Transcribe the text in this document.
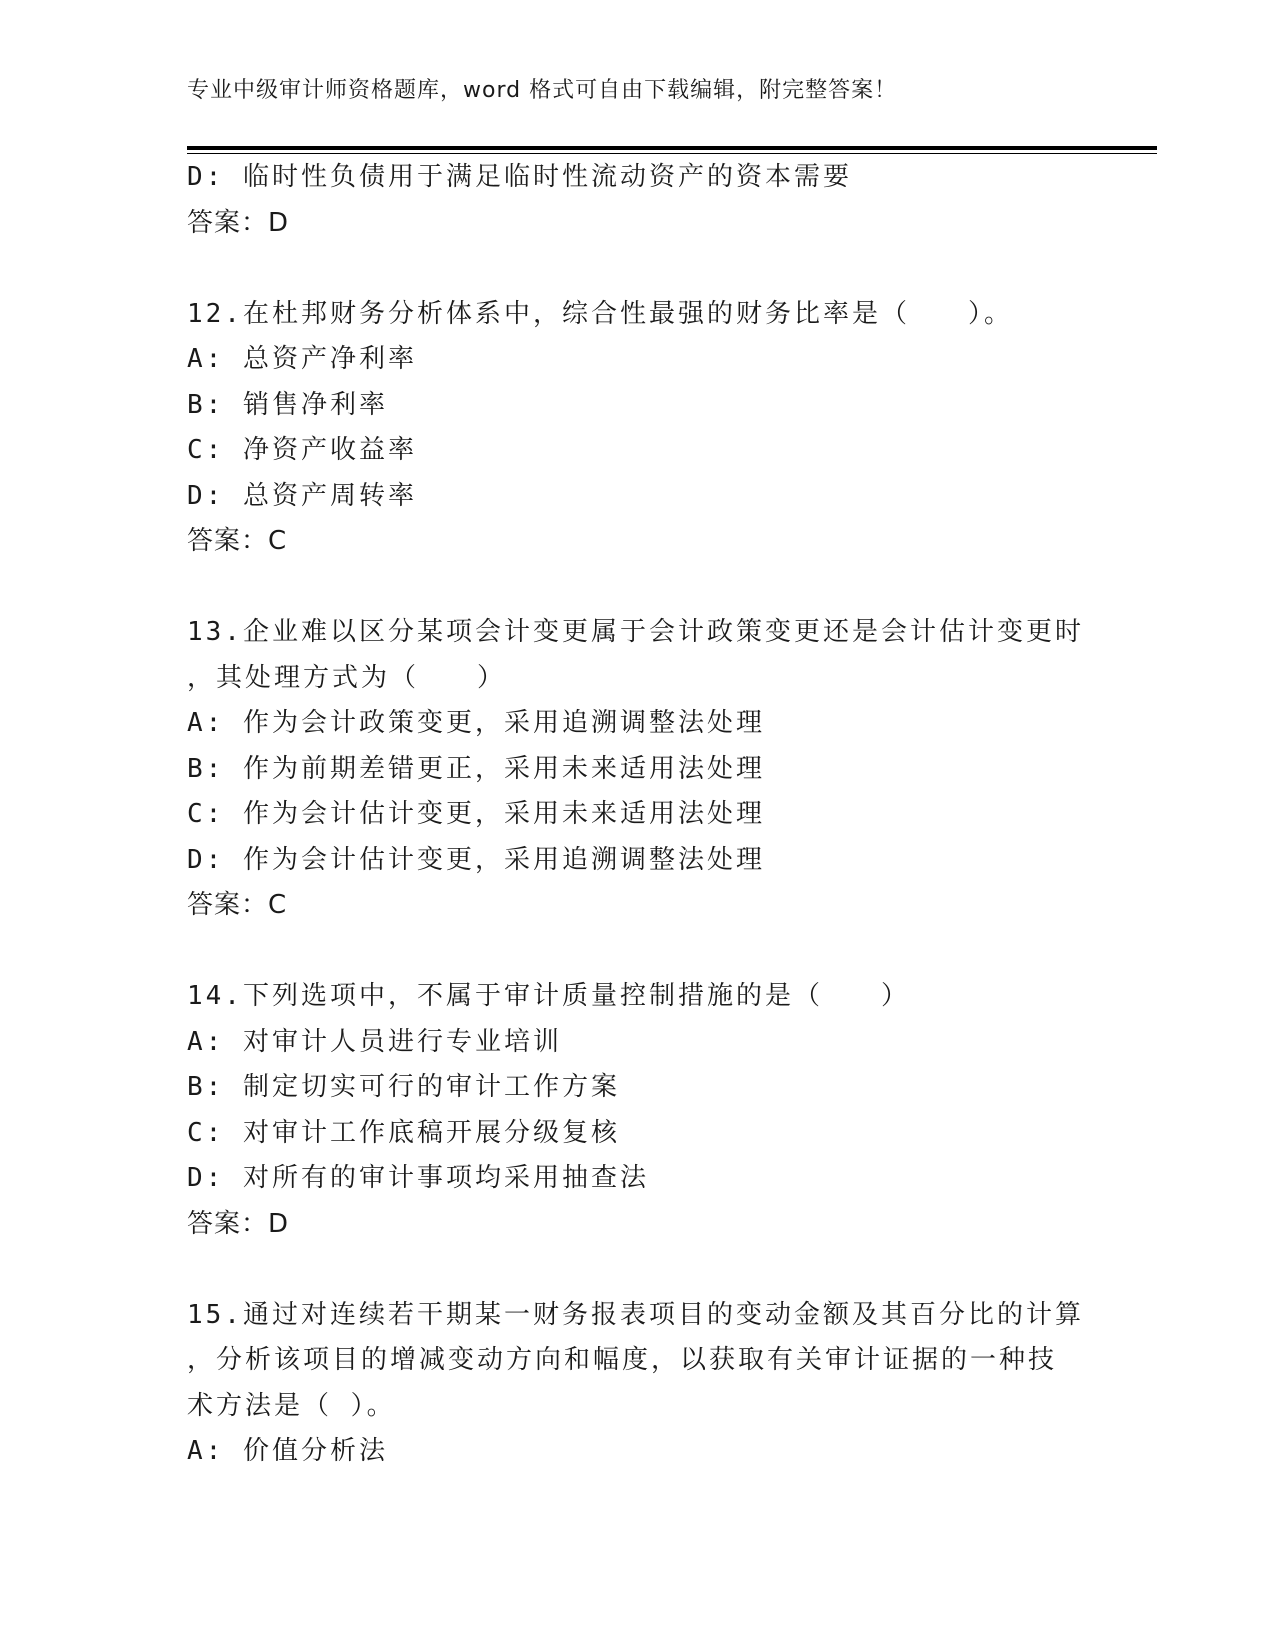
专业中级审计师资格题库，word 格式可自由下载编辑，附完整答案！
D: 临时性负债用于满足临时性流动资产的资本需要
答案：D
12.在杜邦财务分析体系中，综合性最强的财务比率是（　　）。
A: 总资产净利率
B: 销售净利率
C: 净资产收益率
D: 总资产周转率
答案：C
13.企业难以区分某项会计变更属于会计政策变更还是会计估计变更时
，其处理方式为（　　）
A: 作为会计政策变更，采用追溯调整法处理
B: 作为前期差错更正，采用未来适用法处理
C: 作为会计估计变更，采用未来适用法处理
D: 作为会计估计变更，采用追溯调整法处理
答案：C
14.下列选项中，不属于审计质量控制措施的是（　　）
A: 对审计人员进行专业培训
B: 制定切实可行的审计工作方案
C: 对审计工作底稿开展分级复核
D: 对所有的审计事项均采用抽查法
答案：D
15.通过对连续若干期某一财务报表项目的变动金额及其百分比的计算
，分析该项目的增减变动方向和幅度，以获取有关审计证据的一种技
术方法是（ ）。
A: 价值分析法
